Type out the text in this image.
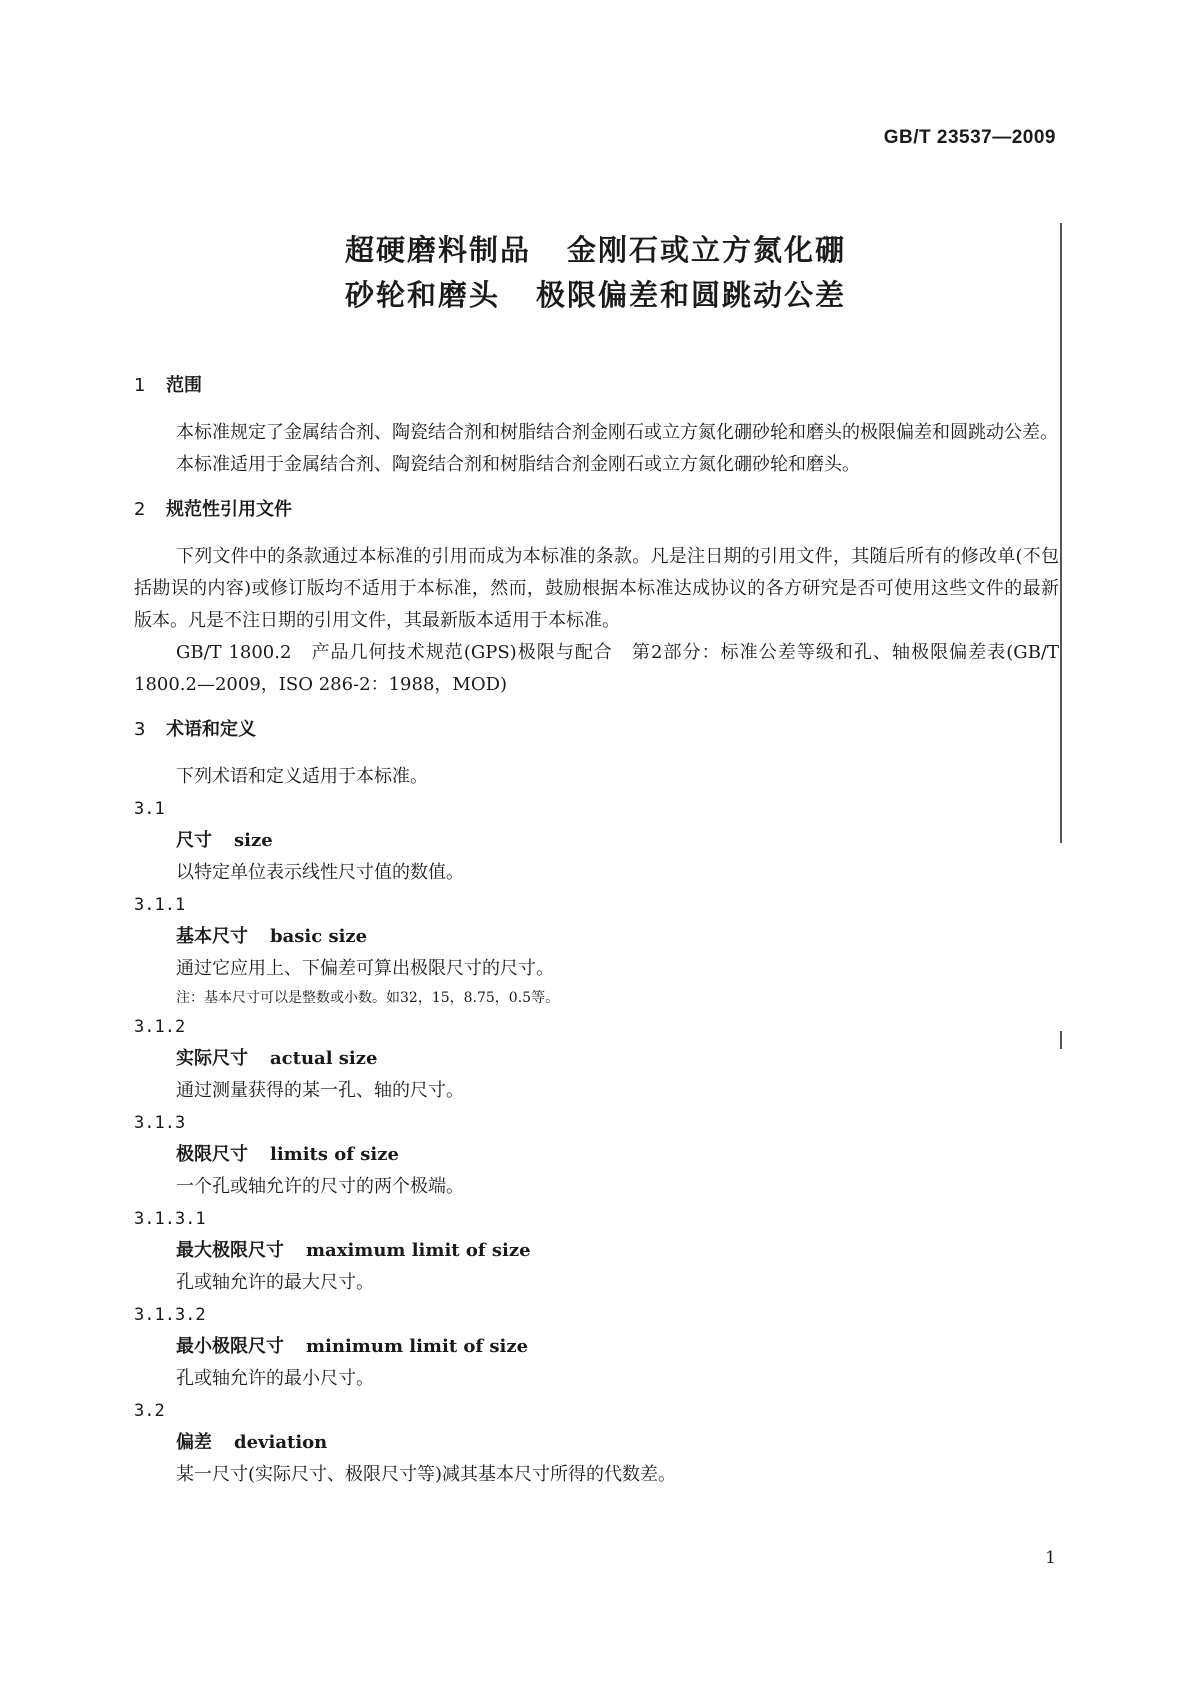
GB/T 23537—2009
超硬磨料制品 金刚石或立方氮化硼
砂轮和磨头 极限偏差和圆跳动公差
1 范围
本标准规定了金属结合剂、陶瓷结合剂和树脂结合剂金刚石或立方氮化硼砂轮和磨头的极限偏差和圆跳动公差。
本标准适用于金属结合剂、陶瓷结合剂和树脂结合剂金刚石或立方氮化硼砂轮和磨头。
2 规范性引用文件
下列文件中的条款通过本标准的引用而成为本标准的条款。凡是注日期的引用文件，其随后所有的修改单(不包括勘误的内容)或修订版均不适用于本标准，然而，鼓励根据本标准达成协议的各方研究是否可使用这些文件的最新版本。凡是不注日期的引用文件，其最新版本适用于本标准。
GB/T 1800.2　产品几何技术规范(GPS)极限与配合　第2部分：标准公差等级和孔、轴极限偏差表(GB/T 1800.2—2009，ISO 286-2：1988，MOD)
3 术语和定义
下列术语和定义适用于本标准。
3.1
尺寸 size
以特定单位表示线性尺寸值的数值。
3.1.1
基本尺寸 basic size
通过它应用上、下偏差可算出极限尺寸的尺寸。
注：基本尺寸可以是整数或小数。如32，15，8.75，0.5等。
3.1.2
实际尺寸 actual size
通过测量获得的某一孔、轴的尺寸。
3.1.3
极限尺寸 limits of size
一个孔或轴允许的尺寸的两个极端。
3.1.3.1
最大极限尺寸 maximum limit of size
孔或轴允许的最大尺寸。
3.1.3.2
最小极限尺寸 minimum limit of size
孔或轴允许的最小尺寸。
3.2
偏差 deviation
某一尺寸(实际尺寸、极限尺寸等)减其基本尺寸所得的代数差。
1
